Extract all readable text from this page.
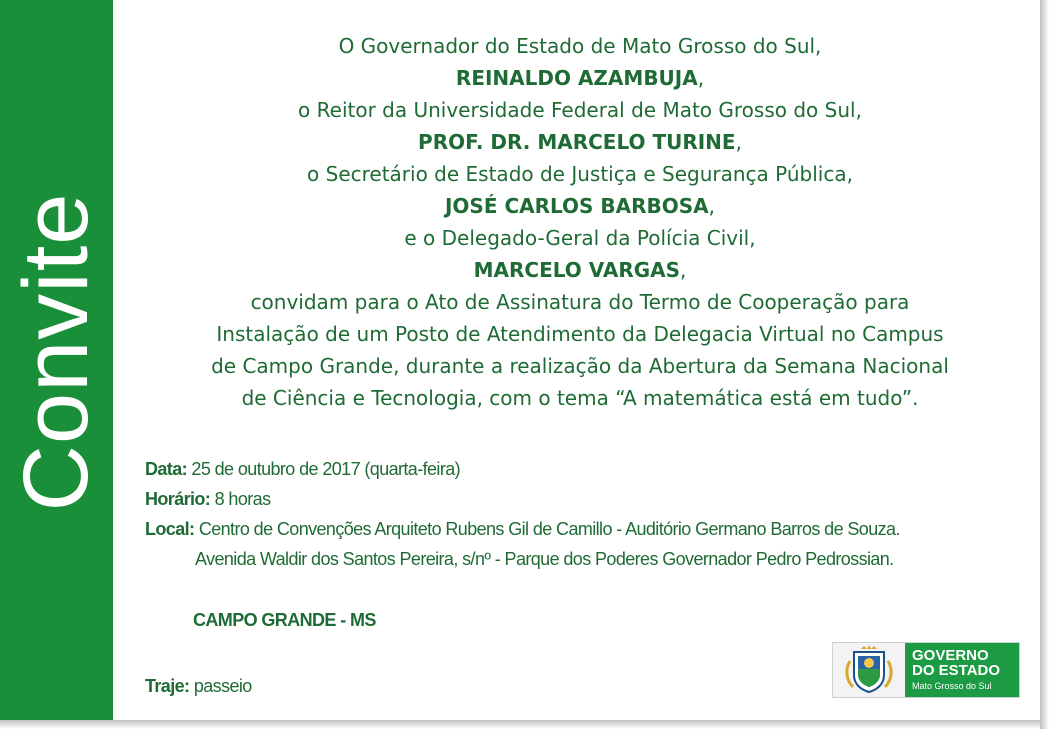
Convite
O Governador do Estado de Mato Grosso do Sul,
REINALDO AZAMBUJA,
o Reitor da Universidade Federal de Mato Grosso do Sul,
PROF. DR. MARCELO TURINE,
o Secretário de Estado de Justiça e Segurança Pública,
JOSÉ CARLOS BARBOSA,
e o Delegado-Geral da Polícia Civil,
MARCELO VARGAS,
convidam para o Ato de Assinatura do Termo de Cooperação para
Instalação de um Posto de Atendimento da Delegacia Virtual no Campus
de Campo Grande, durante a realização da Abertura da Semana Nacional
de Ciência e Tecnologia, com o tema “A matemática está em tudo”.
Data: 25 de outubro de 2017 (quarta-feira)
Horário: 8 horas
Local: Centro de Convenções Arquiteto Rubens Gil de Camillo - Auditório Germano Barros de Souza.
Avenida Waldir dos Santos Pereira, s/nº - Parque dos Poderes Governador Pedro Pedrossian.
CAMPO GRANDE - MS
Traje: passeio
GOVERNO
DO ESTADO
Mato Grosso do Sul
